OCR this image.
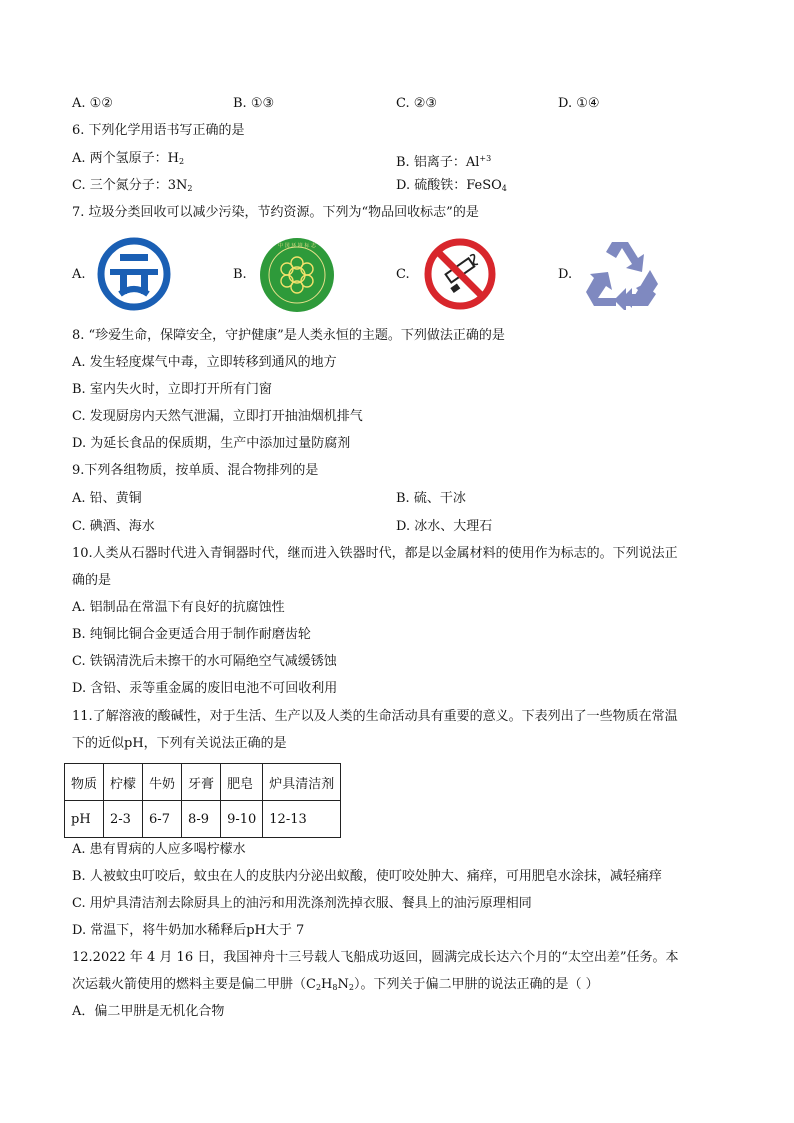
A. ①②	B. ①③	C. ②③	D. ①④
6. 下列化学用语书写正确的是
A. 两个氢原子：$H_2$	B. 铝离子：$Al^{+3}$
C. 三个氮分子：$3N_2$	D. 硫酸铁：FeSO$_4$
7. 垃圾分类回收可以减少污染，节约资源。下列为“物品回收标志”的是
A.	B.
中 国 环 境 标 志
C.	D.
8. “珍爱生命，保障安全，守护健康”是人类永恒的主题。下列做法正确的是
A. 发生轻度煤气中毒，立即转移到通风的地方
B. 室内失火时，立即打开所有门窗
C. 发现厨房内天然气泄漏，立即打开抽油烟机排气
D. 为延长食品的保质期，生产中添加过量防腐剂
9.下列各组物质，按单质、混合物排列的是
A. 铅、黄铜	B. 硫、干冰
C. 碘酒、海水	D. 冰水、大理石
10.人类从石器时代进入青铜器时代，继而进入铁器时代，都是以金属材料的使用作为标志的。下列说法正
确的是
A. 铝制品在常温下有良好的抗腐蚀性
B. 纯铜比铜合金更适合用于制作耐磨齿轮
C. 铁锅清洗后未擦干的水可隔绝空气减缓锈蚀
D. 含铅、汞等重金属的废旧电池不可回收利用
11.了解溶液的酸碱性，对于生活、生产以及人类的生命活动具有重要的意义。下表列出了一些物质在常温
下的近似pH，下列有关说法正确的是
物质	柠檬	牛奶	牙膏	肥皂	炉具清洁剂
pH	2-3	6-7	8-9	9-10	12-13
A. 患有胃病的人应多喝柠檬水
B. 人被蚊虫叮咬后，蚊虫在人的皮肤内分泌出蚁酸，使叮咬处肿大、痛痒，可用肥皂水涂抹，减轻痛痒
C. 用炉具清洁剂去除厨具上的油污和用洗涤剂洗掉衣服、餐具上的油污原理相同
D. 常温下，将牛奶加水稀释后pH大于 7
12.2022 年 4 月 16 日，我国神舟十三号载人飞船成功返回，圆满完成长达六个月的“太空出差”任务。本
次运载火箭使用的燃料主要是偏二甲肼$(C_2H_8N_2)$。下列关于偏二甲肼的说法正确的是（ ）
A．偏二甲肼是无机化合物
